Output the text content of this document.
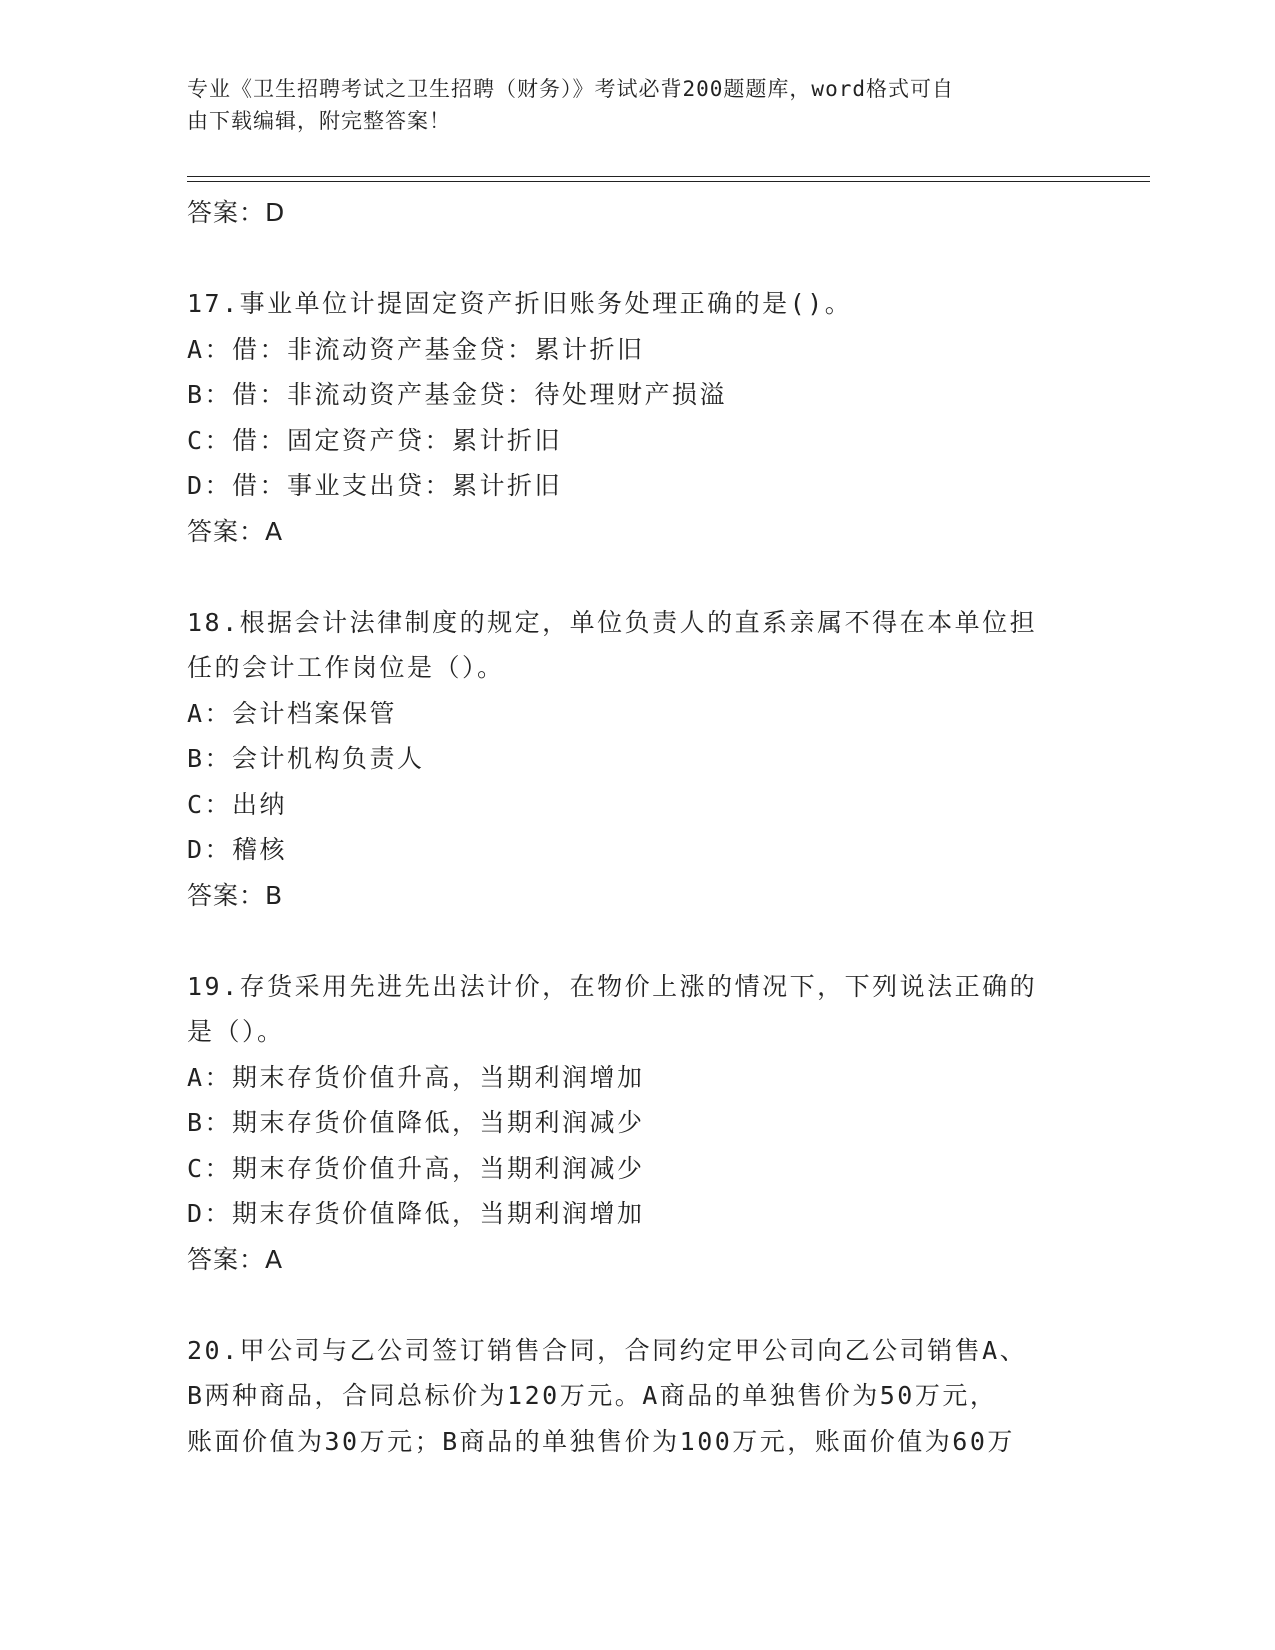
专业《卫生招聘考试之卫生招聘（财务）》考试必背200题题库，word格式可自
由下载编辑，附完整答案！
答案：D
17.事业单位计提固定资产折旧账务处理正确的是()。
A：借：非流动资产基金贷：累计折旧
B：借：非流动资产基金贷：待处理财产损溢
C：借：固定资产贷：累计折旧
D：借：事业支出贷：累计折旧
答案：A
18.根据会计法律制度的规定，单位负责人的直系亲属不得在本单位担
任的会计工作岗位是（）。
A：会计档案保管
B：会计机构负责人
C：出纳
D：稽核
答案：B
19.存货采用先进先出法计价，在物价上涨的情况下，下列说法正确的
是（）。
A：期末存货价值升高，当期利润增加
B：期末存货价值降低，当期利润减少
C：期末存货价值升高，当期利润减少
D：期末存货价值降低，当期利润增加
答案：A
20.甲公司与乙公司签订销售合同，合同约定甲公司向乙公司销售A、
B两种商品，合同总标价为120万元。A商品的单独售价为50万元，
账面价值为30万元；B商品的单独售价为100万元，账面价值为60万
